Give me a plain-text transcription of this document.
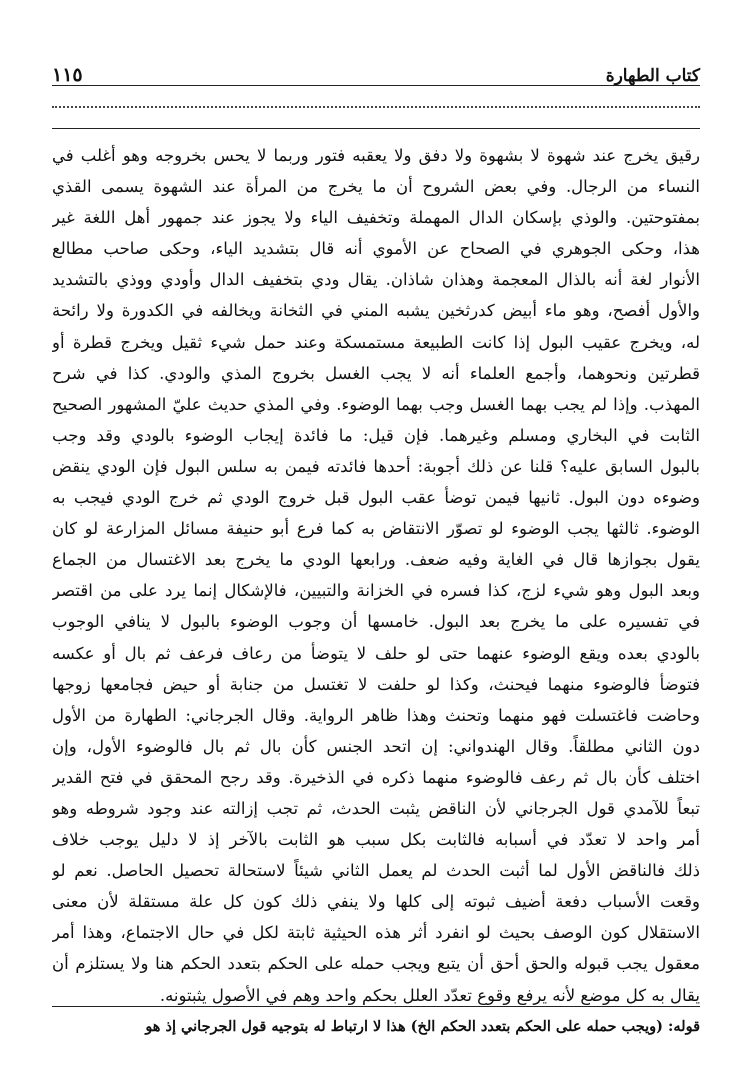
كتاب الطهارة
١١٥
رقيق يخرج عند شهوة لا بشهوة ولا دفق ولا يعقبه فتور وربما لا يحس بخروجه وهو أغلب في
النساء من الرجال. وفي بعض الشروح أن ما يخرج من المرأة عند الشهوة يسمى القذي
بمفتوحتين. والوذي بإسكان الدال المهملة وتخفيف الياء ولا يجوز عند جمهور أهل اللغة غير
هذا، وحكى الجوهري في الصحاح عن الأموي أنه قال بتشديد الياء، وحكى صاحب مطالع
الأنوار لغة أنه بالذال المعجمة وهذان شاذان. يقال ودي بتخفيف الدال وأودي ووذي بالتشديد
والأول أفصح، وهو ماء أبيض كدرثخين يشبه المني في الثخانة ويخالفه في الكدورة ولا رائحة
له، ويخرج عقيب البول إذا كانت الطبيعة مستمسكة وعند حمل شيء ثقيل ويخرج قطرة أو
قطرتين ونحوهما، وأجمع العلماء أنه لا يجب الغسل بخروج المذي والودي. كذا في شرح
المهذب. وإذا لم يجب بهما الغسل وجب بهما الوضوء. وفي المذي حديث عليّ المشهور الصحيح
الثابت في البخاري ومسلم وغيرهما. فإن قيل: ما فائدة إيجاب الوضوء بالودي وقد وجب
بالبول السابق عليه؟ قلنا عن ذلك أجوبة: أحدها فائدته فيمن به سلس البول فإن الودي ينقض
وضوءه دون البول. ثانيها فيمن توضأ عقب البول قبل خروج الودي ثم خرج الودي فيجب به
الوضوء. ثالثها يجب الوضوء لو تصوّر الانتقاض به كما فرع أبو حنيفة مسائل المزارعة لو كان
يقول بجوازها قال في الغاية وفيه ضعف. ورابعها الودي ما يخرج بعد الاغتسال من الجماع
وبعد البول وهو شيء لزج، كذا فسره في الخزانة والتبيين، فالإشكال إنما يرد على من اقتصر
في تفسيره على ما يخرج بعد البول. خامسها أن وجوب الوضوء بالبول لا ينافي الوجوب
بالودي بعده ويقع الوضوء عنهما حتى لو حلف لا يتوضأ من رعاف فرعف ثم بال أو عكسه
فتوضأ فالوضوء منهما فيحنث، وكذا لو حلفت لا تغتسل من جنابة أو حيض فجامعها زوجها
وحاضت فاغتسلت فهو منهما وتحنث وهذا ظاهر الرواية. وقال الجرجاني: الطهارة من الأول
دون الثاني مطلقاً. وقال الهندواني: إن اتحد الجنس كأن بال ثم بال فالوضوء الأول، وإن
اختلف كأن بال ثم رعف فالوضوء منهما ذكره في الذخيرة. وقد رجح المحقق في فتح القدير
تبعاً للآمدي قول الجرجاني لأن الناقض يثبت الحدث، ثم تجب إزالته عند وجود شروطه وهو
أمر واحد لا تعدّد في أسبابه فالثابت بكل سبب هو الثابت بالآخر إذ لا دليل يوجب خلاف
ذلك فالناقض الأول لما أثبت الحدث لم يعمل الثاني شيئاً لاستحالة تحصيل الحاصل. نعم لو
وقعت الأسباب دفعة أضيف ثبوته إلى كلها ولا ينفي ذلك كون كل علة مستقلة لأن معنى
الاستقلال كون الوصف بحيث لو انفرد أثر هذه الحيثية ثابتة لكل في حال الاجتماع، وهذا أمر
معقول يجب قبوله والحق أحق أن يتبع ويجب حمله على الحكم بتعدد الحكم هنا ولا يستلزم أن
يقال به كل موضع لأنه يرفع وقوع تعدّد العلل بحكم واحد وهم في الأصول يثبتونه.
قوله: (ويجب حمله على الحكم بتعدد الحكم الخ) هذا لا ارتباط له بتوجيه قول الجرجاني إذ هو
